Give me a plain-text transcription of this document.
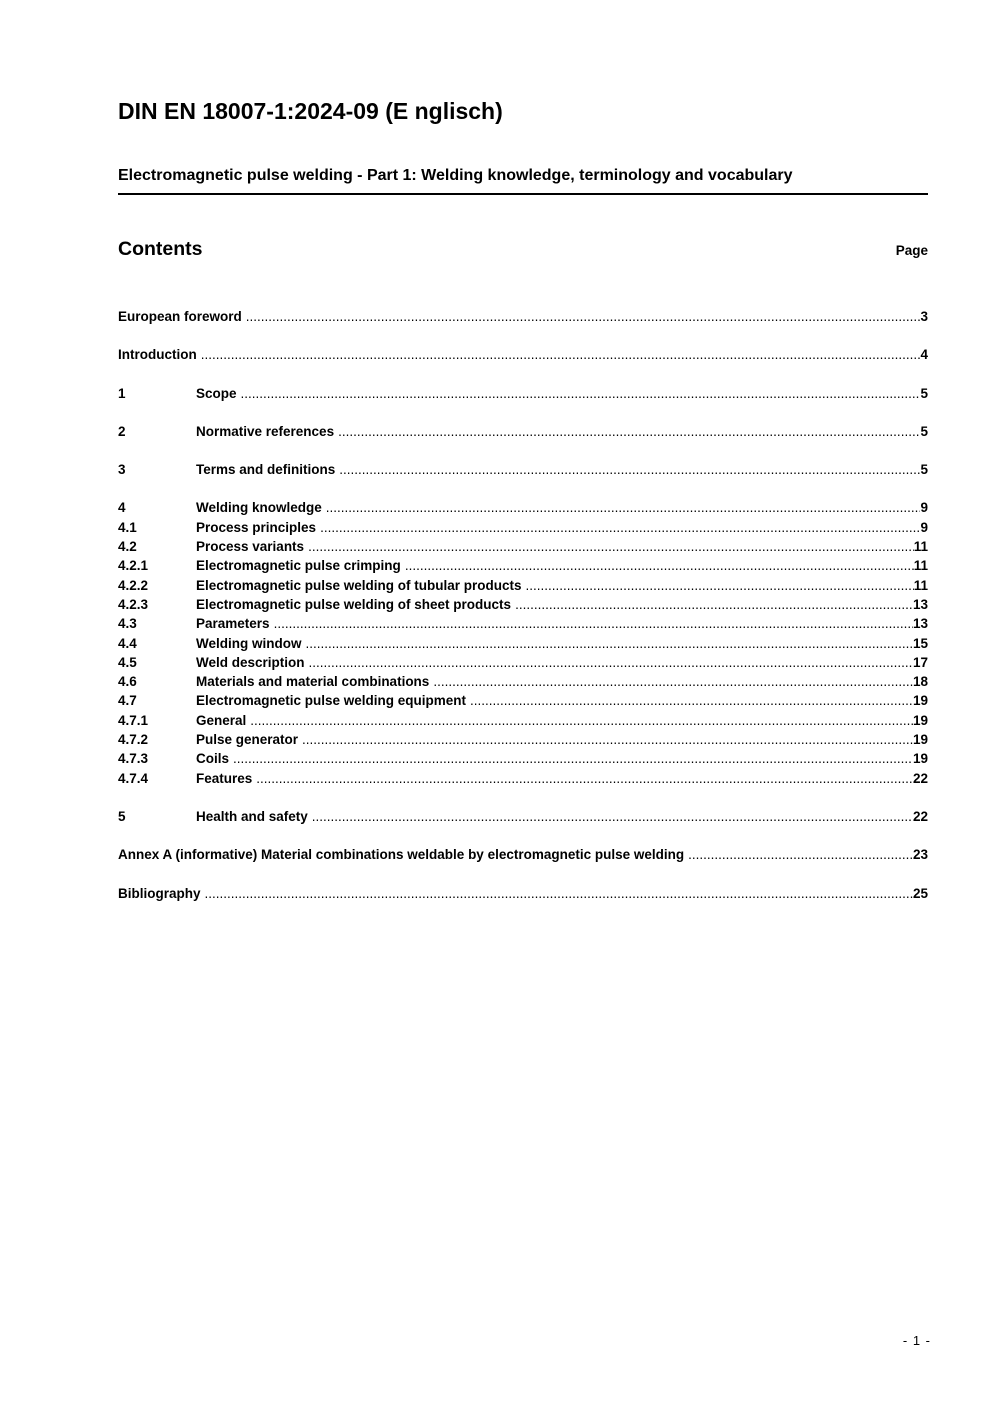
DIN EN 18007-1:2024-09 (E nglisch)

Electromagnetic pulse welding - Part 1: Welding knowledge, terminology and vocabulary

Contents	Page
European foreword .....	3
Introduction .....	4
1	Scope .....	5
2	Normative references .....	5
3	Terms and definitions .....	5
4	Welding knowledge .....	9
4.1	Process principles .....	9
4.2	Process variants .....	11
4.2.1	Electromagnetic pulse crimping .....	11
4.2.2	Electromagnetic pulse welding of tubular products .....	11
4.2.3	Electromagnetic pulse welding of sheet products .....	13
4.3	Parameters .....	13
4.4	Welding window .....	15
4.5	Weld description .....	17
4.6	Materials and material combinations .....	18
4.7	Electromagnetic pulse welding equipment .....	19
4.7.1	General .....	19
4.7.2	Pulse generator .....	19
4.7.3	Coils .....	19
4.7.4	Features .....	22
5	Health and safety .....	22
Annex A (informative) Material combinations weldable by electromagnetic pulse welding .....	23
Bibliography .....	25
- 1 -
